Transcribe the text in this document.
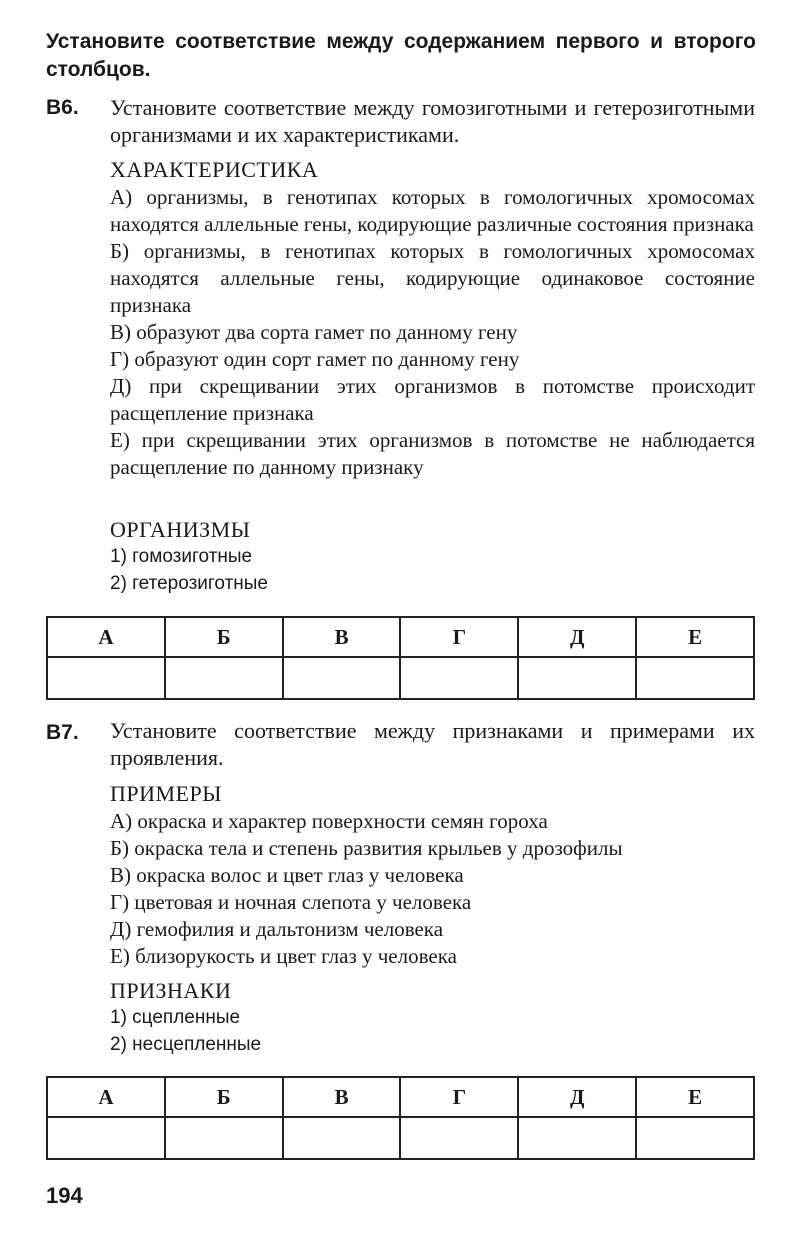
Установите соответствие между содержанием первого и второго столбцов.
В6. Установите соответствие между гомозиготными и гетерозиготными организмами и их характеристиками.
ХАРАКТЕРИСТИКА
А) организмы, в генотипах которых в гомологичных хромосомах находятся аллельные гены, кодирующие различные состояния признака
Б) организмы, в генотипах которых в гомологичных хромосомах находятся аллельные гены, кодирующие одинаковое состояние признака
В) образуют два сорта гамет по данному гену
Г) образуют один сорт гамет по данному гену
Д) при скрещивании этих организмов в потомстве происходит расщепление признака
Е) при скрещивании этих организмов в потомстве не наблюдается расщепление по данному признаку
ОРГАНИЗМЫ
1) гомозиготные
2) гетерозиготные
А	Б	В	Г	Д	Е

В7. Установите соответствие между признаками и примерами их проявления.
ПРИМЕРЫ
А) окраска и характер поверхности семян гороха
Б) окраска тела и степень развития крыльев у дрозофилы
В) окраска волос и цвет глаз у человека
Г) цветовая и ночная слепота у человека
Д) гемофилия и дальтонизм человека
Е) близорукость и цвет глаз у человека
ПРИЗНАКИ
1) сцепленные
2) несцепленные
А	Б	В	Г	Д	Е

194
